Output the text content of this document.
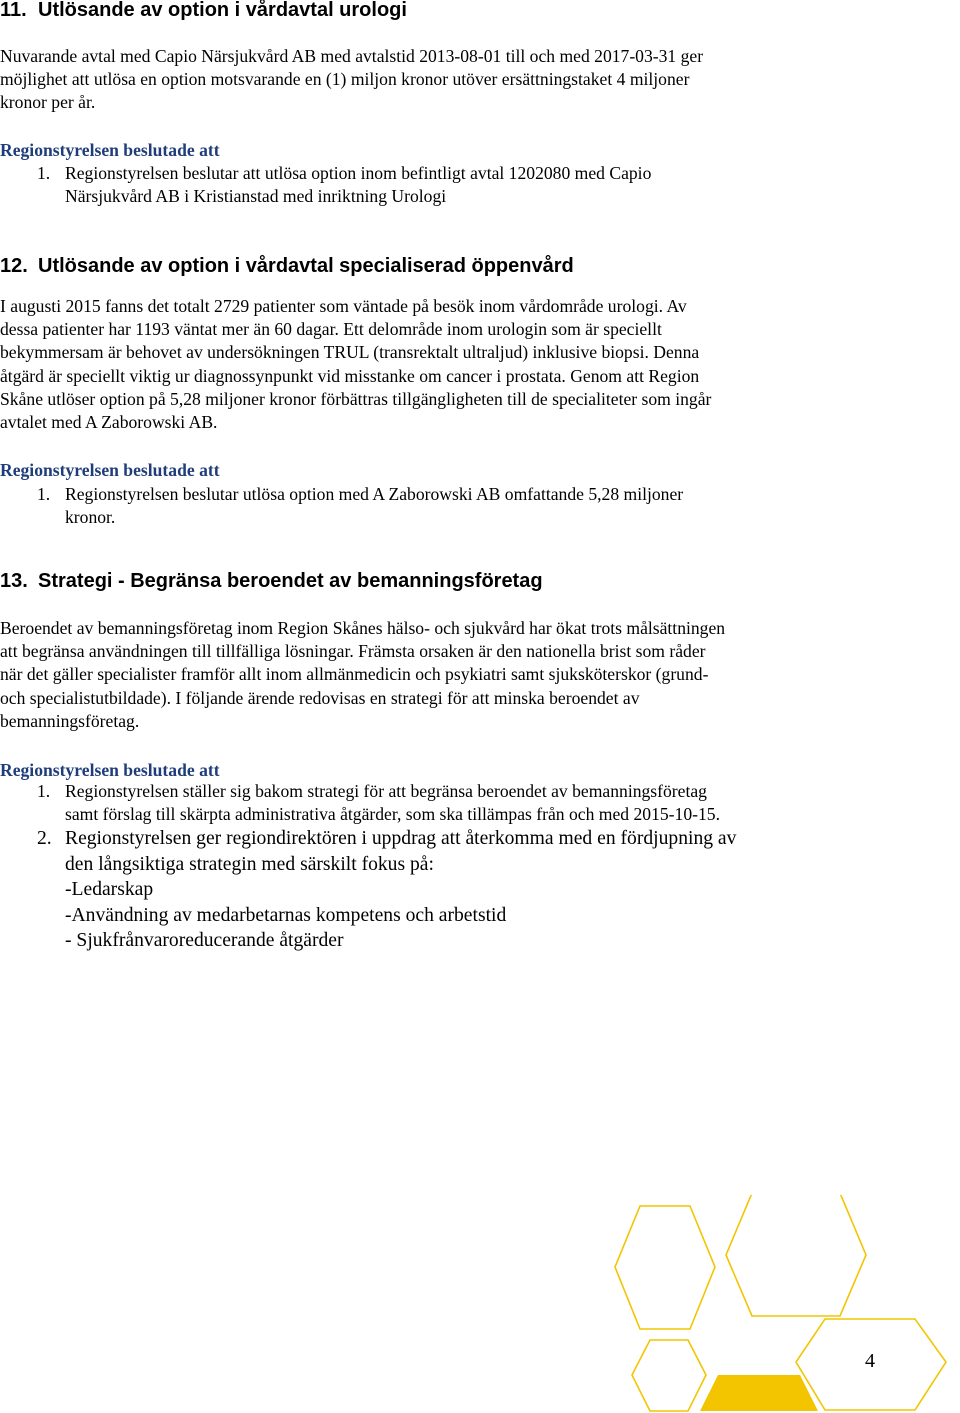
11. Utlösande av option i vårdavtal urologi
Nuvarande avtal med Capio Närsjukvård AB med avtalstid 2013-08-01 till och med 2017-03-31 ger
möjlighet att utlösa en option motsvarande en (1) miljon kronor utöver ersättningstaket 4 miljoner
kronor per år.
Regionstyrelsen beslutade att
1. Regionstyrelsen beslutar att utlösa option inom befintligt avtal 1202080 med Capio
Närsjukvård AB i Kristianstad med inriktning Urologi
12. Utlösande av option i vårdavtal specialiserad öppenvård
I augusti 2015 fanns det totalt 2729 patienter som väntade på besök inom vårdområde urologi. Av
dessa patienter har 1193 väntat mer än 60 dagar. Ett delområde inom urologin som är speciellt
bekymmersam är behovet av undersökningen TRUL (transrektalt ultraljud) inklusive biopsi. Denna
åtgärd är speciellt viktig ur diagnossynpunkt vid misstanke om cancer i prostata. Genom att Region
Skåne utlöser option på 5,28 miljoner kronor förbättras tillgängligheten till de specialiteter som ingår
avtalet med A Zaborowski AB.
Regionstyrelsen beslutade att
1. Regionstyrelsen beslutar utlösa option med A Zaborowski AB omfattande 5,28 miljoner
kronor.
13. Strategi - Begränsa beroendet av bemanningsföretag
Beroendet av bemanningsföretag inom Region Skånes hälso- och sjukvård har ökat trots målsättningen
att begränsa användningen till tillfälliga lösningar. Främsta orsaken är den nationella brist som råder
när det gäller specialister framför allt inom allmänmedicin och psykiatri samt sjuksköterskor (grund-
och specialistutbildade). I följande ärende redovisas en strategi för att minska beroendet av
bemanningsföretag.
Regionstyrelsen beslutade att
1. Regionstyrelsen ställer sig bakom strategi för att begränsa beroendet av bemanningsföretag
samt förslag till skärpta administrativa åtgärder, som ska tillämpas från och med 2015-10-15.
2. Regionstyrelsen ger regiondirektören i uppdrag att återkomma med en fördjupning av
den långsiktiga strategin med särskilt fokus på:
-Ledarskap
-Användning av medarbetarnas kompetens och arbetstid
- Sjukfrånvaroreducerande åtgärder
4
